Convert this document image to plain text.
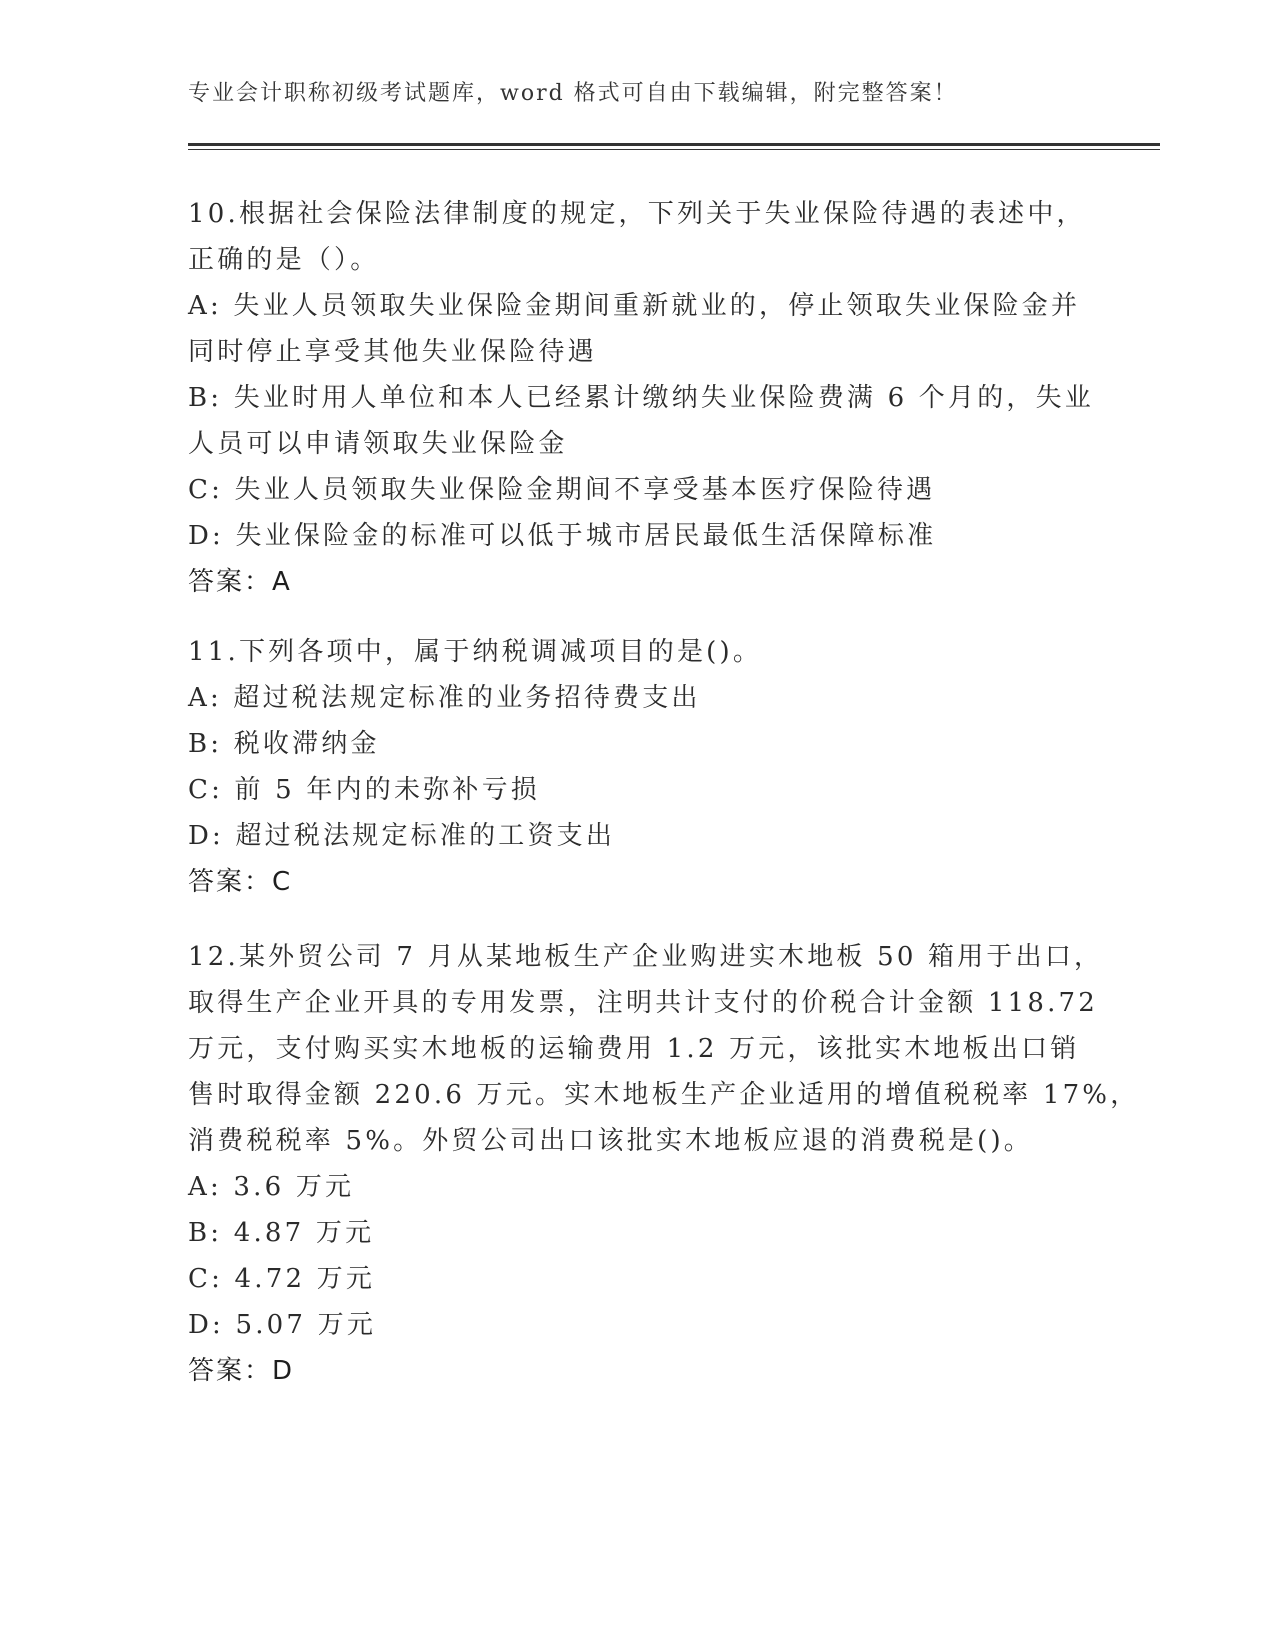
专业会计职称初级考试题库，word 格式可自由下载编辑，附完整答案！
10.根据社会保险法律制度的规定，下列关于失业保险待遇的表述中，
正确的是（）。
A: 失业人员领取失业保险金期间重新就业的，停止领取失业保险金并
同时停止享受其他失业保险待遇
B: 失业时用人单位和本人已经累计缴纳失业保险费满 6 个月的，失业
人员可以申请领取失业保险金
C: 失业人员领取失业保险金期间不享受基本医疗保险待遇
D: 失业保险金的标准可以低于城市居民最低生活保障标准
答案：A
11.下列各项中，属于纳税调减项目的是()。
A: 超过税法规定标准的业务招待费支出
B: 税收滞纳金
C: 前 5 年内的未弥补亏损
D: 超过税法规定标准的工资支出
答案：C
12.某外贸公司 7 月从某地板生产企业购进实木地板 50 箱用于出口，
取得生产企业开具的专用发票，注明共计支付的价税合计金额 118.72
万元，支付购买实木地板的运输费用 1.2 万元，该批实木地板出口销
售时取得金额 220.6 万元。实木地板生产企业适用的增值税税率 17%，
消费税税率 5%。外贸公司出口该批实木地板应退的消费税是()。
A: 3.6 万元
B: 4.87 万元
C: 4.72 万元
D: 5.07 万元
答案：D
